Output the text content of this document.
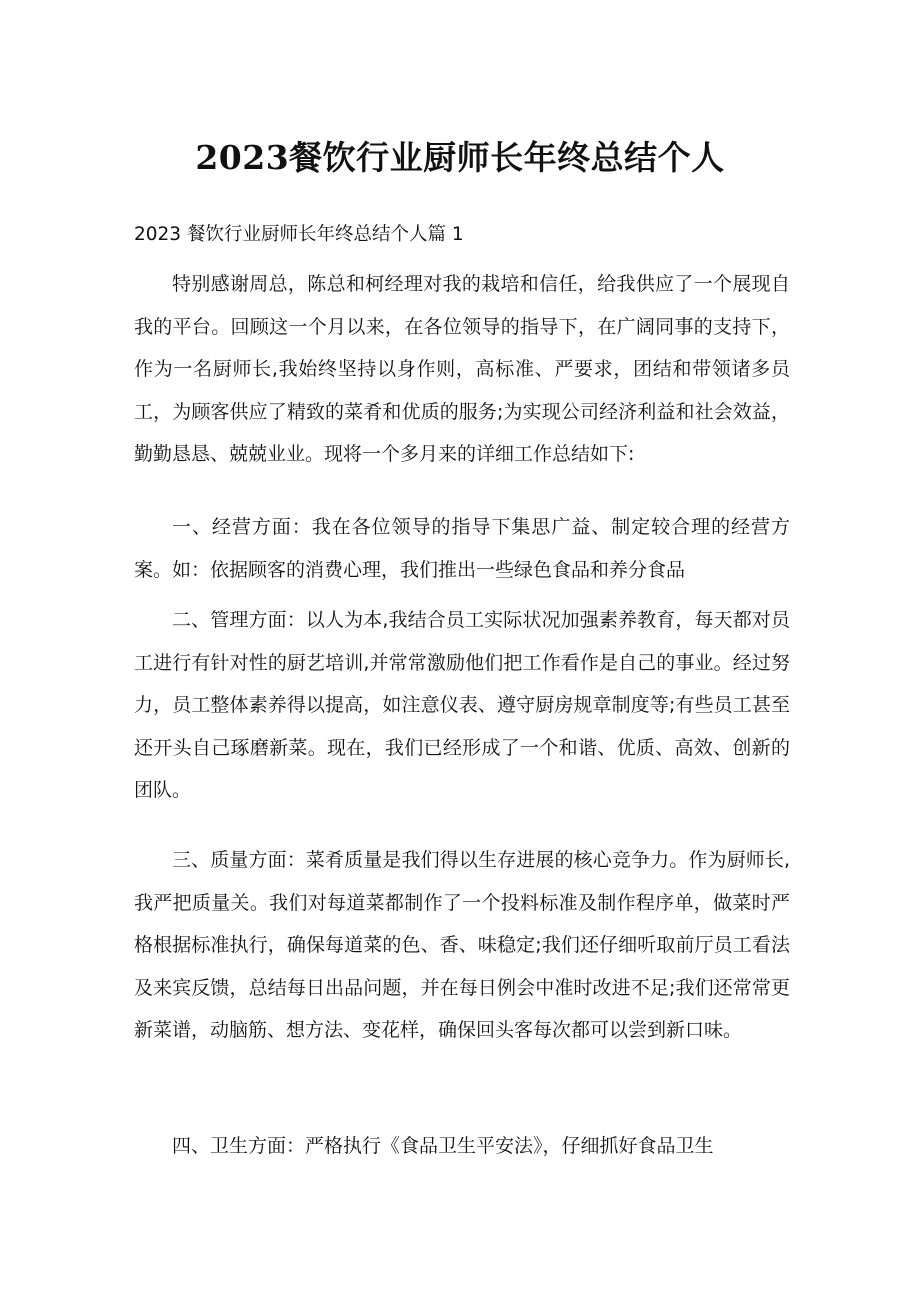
2023餐饮行业厨师长年终总结个人

2023 餐饮行业厨师长年终总结个人篇 1

特别感谢周总，陈总和柯经理对我的栽培和信任，给我供应了一个展现自我的平台。回顾这一个月以来，在各位领导的指导下，在广阔同事的支持下，作为一名厨师长,我始终坚持以身作则，高标准、严要求，团结和带领诸多员工，为顾客供应了精致的菜肴和优质的服务;为实现公司经济利益和社会效益，勤勤恳恳、兢兢业业。现将一个多月来的详细工作总结如下:

一、经营方面：我在各位领导的指导下集思广益、制定较合理的经营方案。如：依据顾客的消费心理，我们推出一些绿色食品和养分食品

二、管理方面：以人为本,我结合员工实际状况加强素养教育，每天都对员工进行有针对性的厨艺培训,并常常激励他们把工作看作是自己的事业。经过努力，员工整体素养得以提高，如注意仪表、遵守厨房规章制度等;有些员工甚至还开头自己琢磨新菜。现在，我们已经形成了一个和谐、优质、高效、创新的团队。

三、质量方面：菜肴质量是我们得以生存进展的核心竞争力。作为厨师长,我严把质量关。我们对每道菜都制作了一个投料标准及制作程序单，做菜时严格根据标准执行，确保每道菜的色、香、味稳定;我们还仔细听取前厅员工看法及来宾反馈，总结每日出品问题，并在每日例会中准时改进不足;我们还常常更新菜谱，动脑筋、想方法、变花样，确保回头客每次都可以尝到新口味。

四、卫生方面：严格执行《食品卫生平安法》，仔细抓好食品卫生
